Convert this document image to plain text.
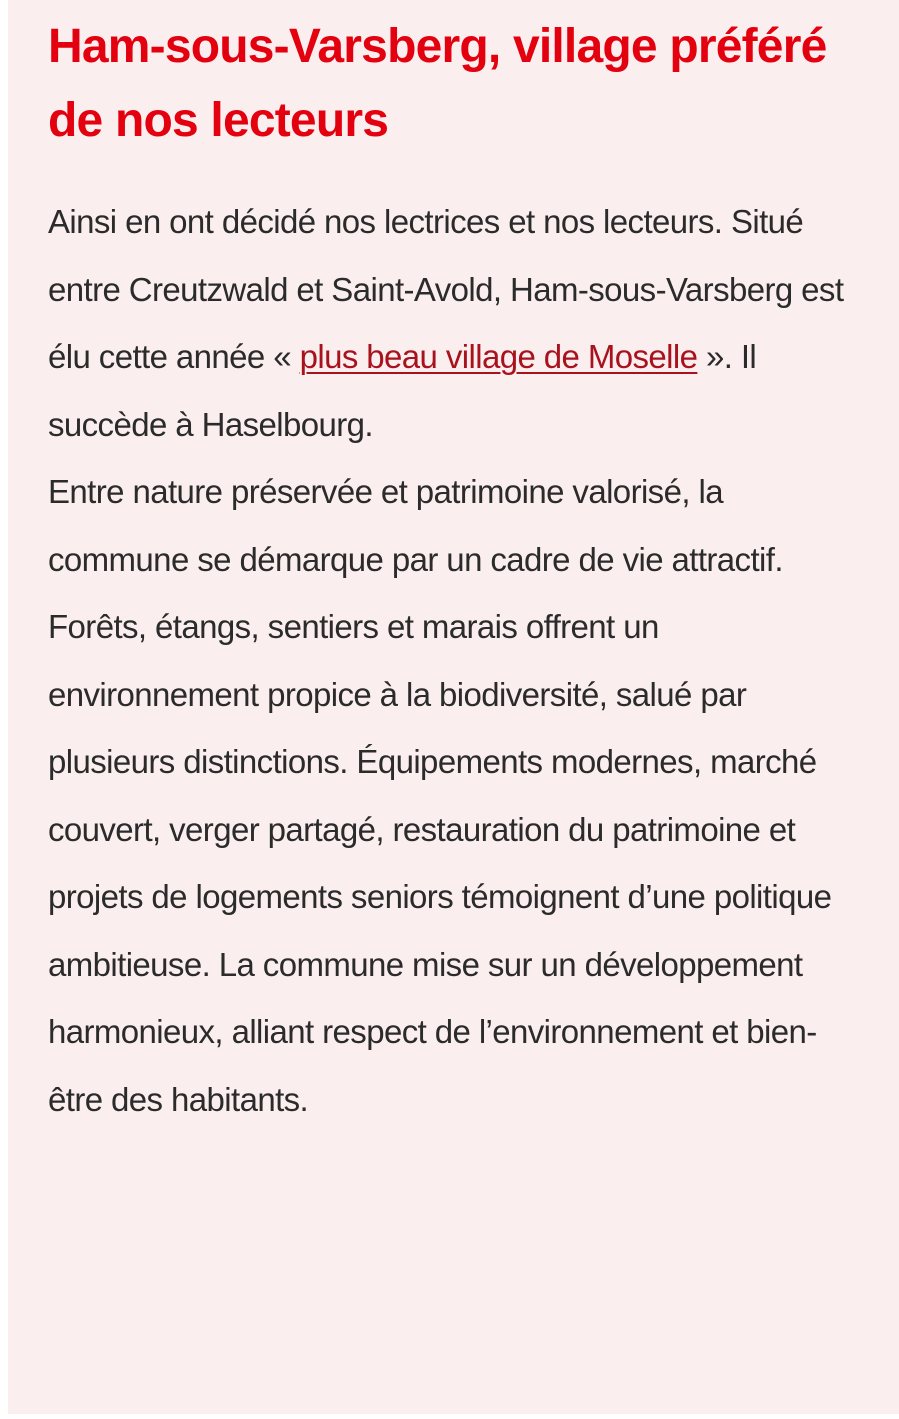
Ham-sous-Varsberg, village préféré de nos lecteurs

Ainsi en ont décidé nos lectrices et nos lecteurs. Situé entre Creutzwald et Saint-Avold, Ham-sous-Varsberg est élu cette année « plus beau village de Moselle ». Il succède à Haselbourg.

Entre nature préservée et patrimoine valorisé, la commune se démarque par un cadre de vie attractif. Forêts, étangs, sentiers et marais offrent un environnement propice à la biodiversité, salué par plusieurs distinctions. Équipements modernes, marché couvert, verger partagé, restauration du patrimoine et projets de logements seniors témoignent d’une politique ambitieuse. La commune mise sur un développement harmonieux, alliant respect de l’environnement et bien-être des habitants.
